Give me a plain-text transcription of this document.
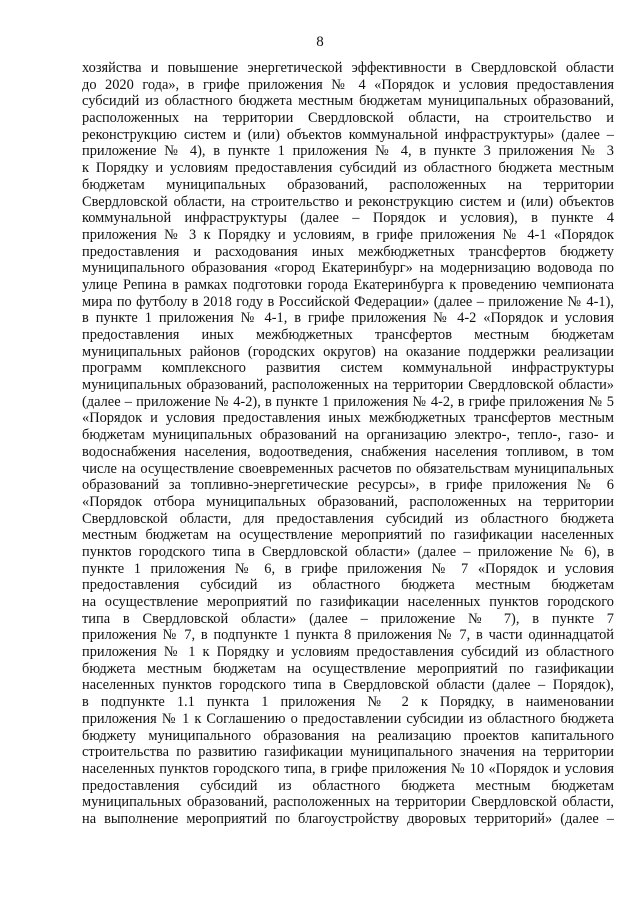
8
хозяйства и повышение энергетической эффективности в Свердловской области
до 2020 года», в грифе приложения № 4 «Порядок и условия предоставления
субсидий из областного бюджета местным бюджетам муниципальных образований,
расположенных на территории Свердловской области, на строительство и
реконструкцию систем и (или) объектов коммунальной инфраструктуры» (далее –
приложение № 4), в пункте 1 приложения № 4, в пункте 3 приложения № 3
к Порядку и условиям предоставления субсидий из областного бюджета местным
бюджетам муниципальных образований, расположенных на территории
Свердловской области, на строительство и реконструкцию систем и (или) объектов
коммунальной инфраструктуры (далее – Порядок и условия), в пункте 4
приложения № 3 к Порядку и условиям, в грифе приложения № 4-1 «Порядок
предоставления и расходования иных межбюджетных трансфертов бюджету
муниципального образования «город Екатеринбург» на модернизацию водовода по
улице Репина в рамках подготовки города Екатеринбурга к проведению чемпионата
мира по футболу в 2018 году в Российской Федерации» (далее – приложение № 4-1),
в пункте 1 приложения № 4-1, в грифе приложения № 4-2 «Порядок и условия
предоставления иных межбюджетных трансфертов местным бюджетам
муниципальных районов (городских округов) на оказание поддержки реализации
программ комплексного развития систем коммунальной инфраструктуры
муниципальных образований, расположенных на территории Свердловской области»
(далее – приложение № 4-2), в пункте 1 приложения № 4-2, в грифе приложения № 5
«Порядок и условия предоставления иных межбюджетных трансфертов местным
бюджетам муниципальных образований на организацию электро-, тепло-, газо- и
водоснабжения населения, водоотведения, снабжения населения топливом, в том
числе на осуществление своевременных расчетов по обязательствам муниципальных
образований за топливно-энергетические ресурсы», в грифе приложения № 6
«Порядок отбора муниципальных образований, расположенных на территории
Свердловской области, для предоставления субсидий из областного бюджета
местным бюджетам на осуществление мероприятий по газификации населенных
пунктов городского типа в Свердловской области» (далее – приложение № 6), в
пункте 1 приложения № 6, в грифе приложения № 7 «Порядок и условия
предоставления субсидий из областного бюджета местным бюджетам
на осуществление мероприятий по газификации населенных пунктов городского
типа в Свердловской области» (далее – приложение № 7), в пункте 7
приложения № 7, в подпункте 1 пункта 8 приложения № 7, в части одиннадцатой
приложения № 1 к Порядку и условиям предоставления субсидий из областного
бюджета местным бюджетам на осуществление мероприятий по газификации
населенных пунктов городского типа в Свердловской области (далее – Порядок),
в подпункте 1.1 пункта 1 приложения № 2 к Порядку, в наименовании
приложения № 1 к Соглашению о предоставлении субсидии из областного бюджета
бюджету муниципального образования на реализацию проектов капитального
строительства по развитию газификации муниципального значения на территории
населенных пунктов городского типа, в грифе приложения № 10 «Порядок и условия
предоставления субсидий из областного бюджета местным бюджетам
муниципальных образований, расположенных на территории Свердловской области,
на выполнение мероприятий по благоустройству дворовых территорий» (далее –
